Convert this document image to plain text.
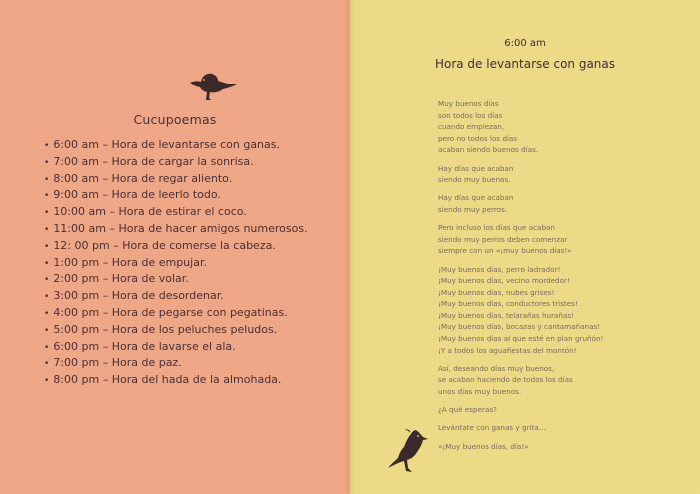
Cucupoemas
• 6:00 am – Hora de levantarse con ganas.
• 7:00 am – Hora de cargar la sonrisa.
• 8:00 am – Hora de regar aliento.
• 9:00 am – Hora de leerlo todo.
• 10:00 am – Hora de estirar el coco.
• 11:00 am – Hora de hacer amigos numerosos.
• 12: 00 pm – Hora de comerse la cabeza.
• 1:00 pm – Hora de empujar.
• 2:00 pm – Hora de volar.
• 3:00 pm – Hora de desordenar.
• 4:00 pm – Hora de pegarse con pegatinas.
• 5:00 pm – Hora de los peluches peludos.
• 6:00 pm – Hora de lavarse el ala.
• 7:00 pm – Hora de paz.
• 8:00 pm – Hora del hada de la almohada.
6:00 am
Hora de levantarse con ganas
Muy buenos días
son todos los días
cuando empiezan,
pero no todos los días
acaban siendo buenos días.
Hay días que acaban
siendo muy buenos.
Hay días que acaban
siendo muy perros.
Pero incluso los días que acaban
siendo muy perros deben comenzar
siempre con un «¡muy buenos días!»
¡Muy buenos días, perro ladrador!
¡Muy buenos días, vecino mordedor!
¡Muy buenos días, nubes grises!
¡Muy buenos días, conductores tristes!
¡Muy buenos días, telarañas hurañas!
¡Muy buenos días, bocazas y cantamañanas!
¡Muy buenos días al que esté en plan gruñón!
¡Y a todos los aguafiestas del montón!
Así, deseando días muy buenos,
se acaban haciendo de todos los días
unos días muy buenos.
¿A qué esperas?
Levántate con ganas y grita...
«¡Muy buenos días, día!»
